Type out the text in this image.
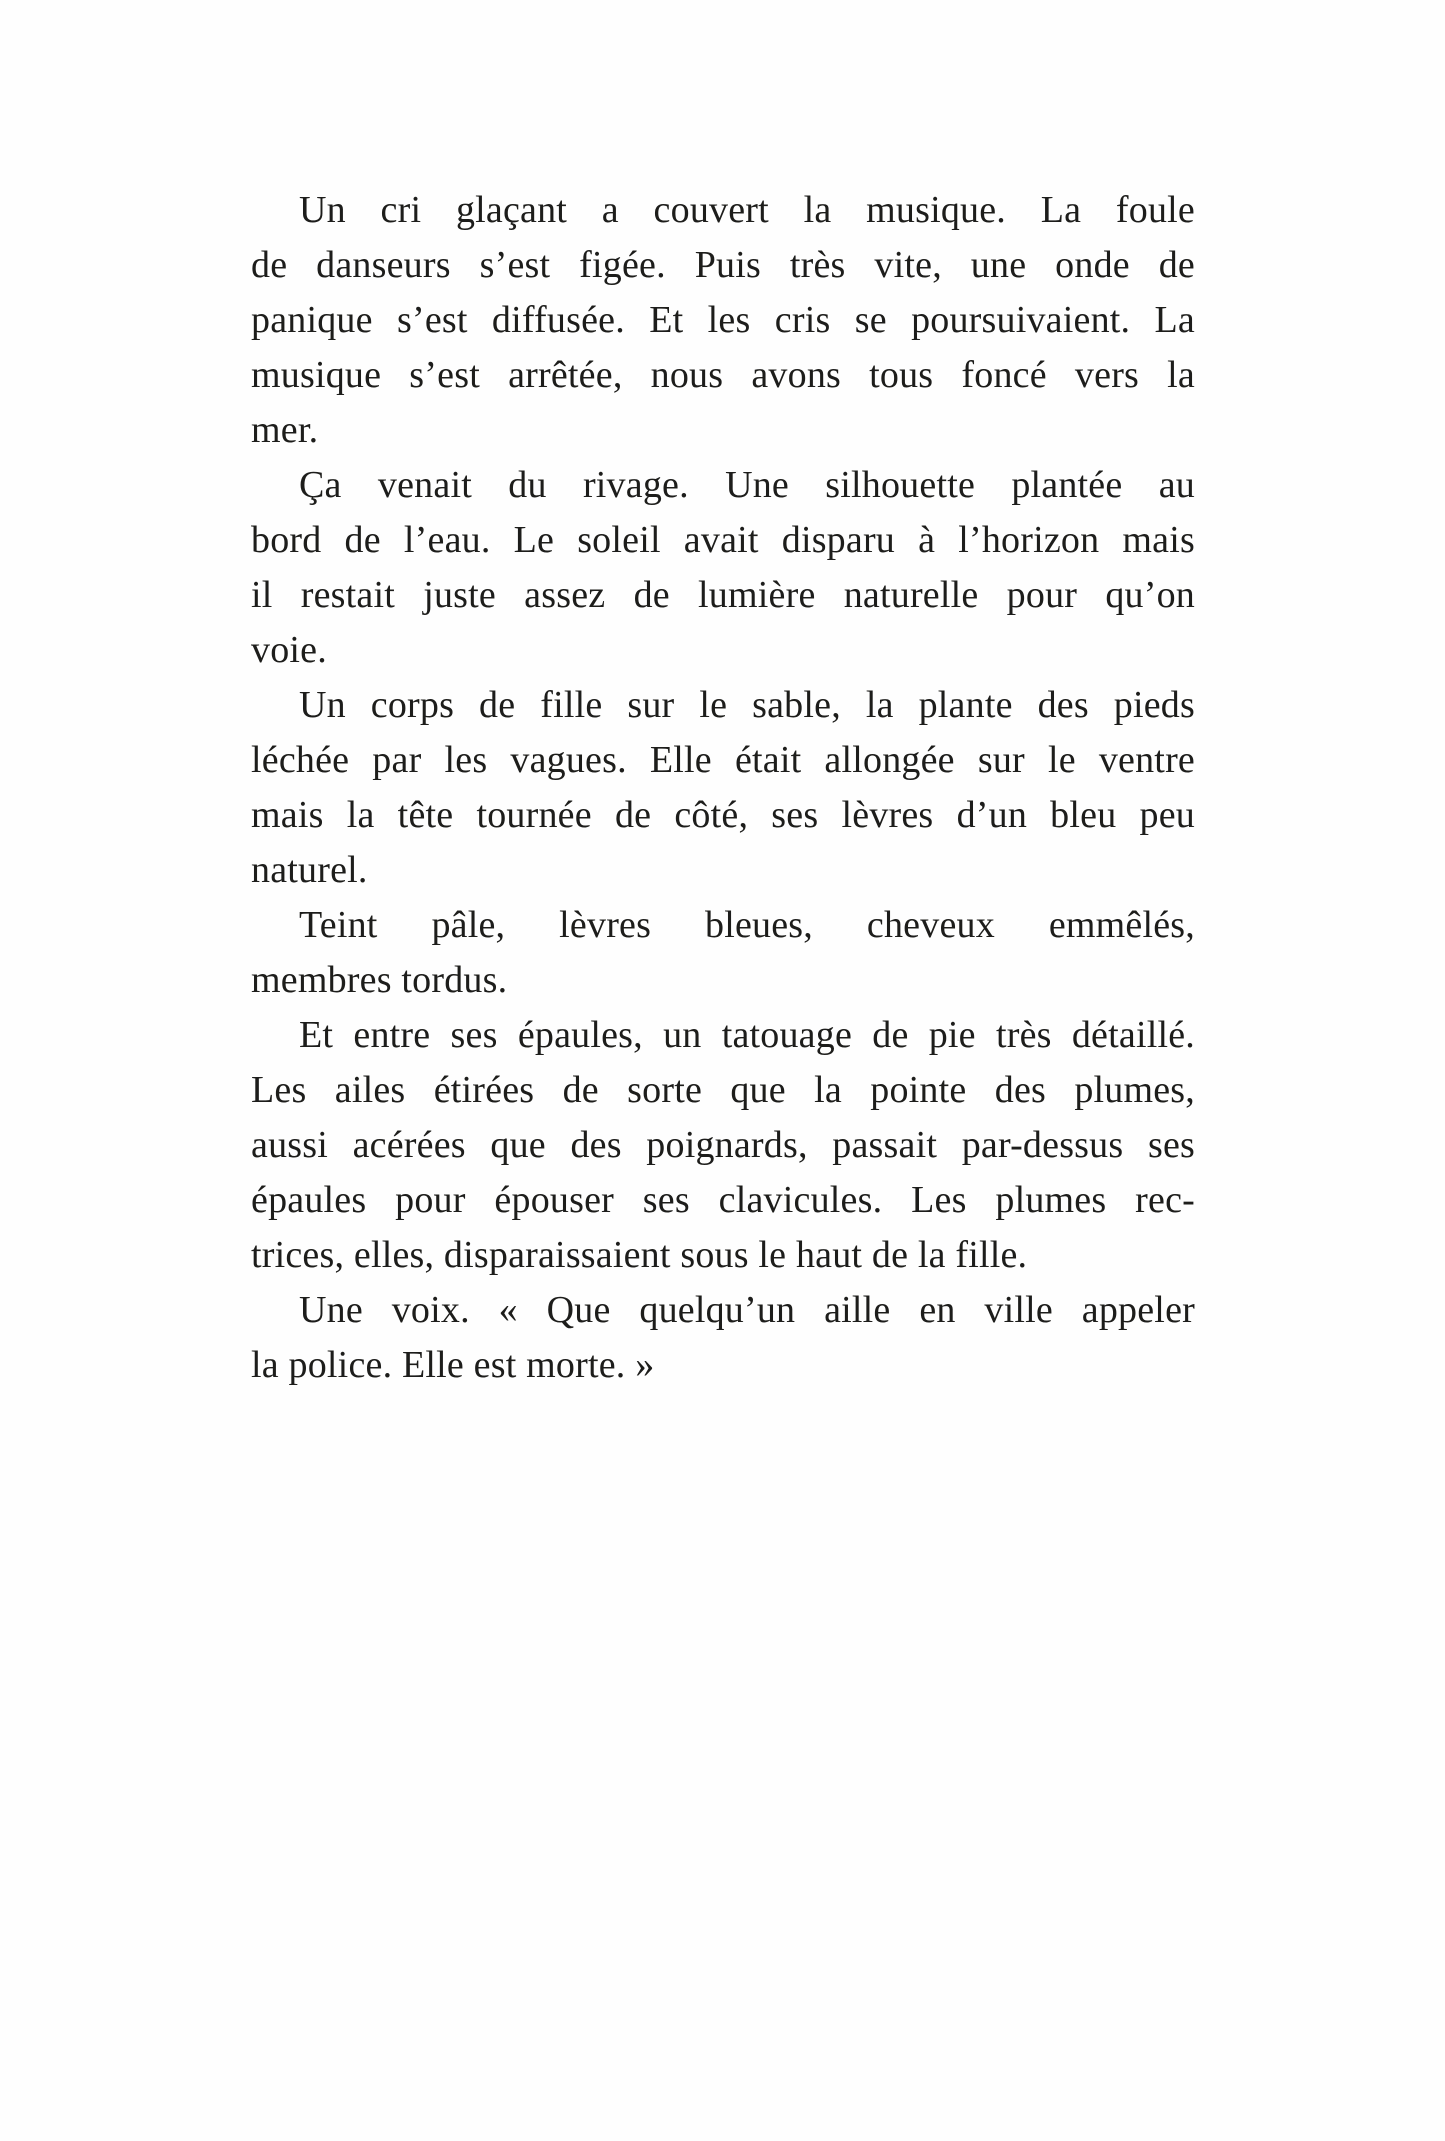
Un cri glaçant a couvert la musique. La foule
de danseurs s’est figée. Puis très vite, une onde de
panique s’est diffusée. Et les cris se poursuivaient. La
musique s’est arrêtée, nous avons tous foncé vers la
mer.

Ça venait du rivage. Une silhouette plantée au
bord de l’eau. Le soleil avait disparu à l’horizon mais
il restait juste assez de lumière naturelle pour qu’on
voie.

Un corps de fille sur le sable, la plante des pieds
léchée par les vagues. Elle était allongée sur le ventre
mais la tête tournée de côté, ses lèvres d’un bleu peu
naturel.

Teint pâle, lèvres bleues, cheveux emmêlés,
membres tordus.

Et entre ses épaules, un tatouage de pie très détaillé.
Les ailes étirées de sorte que la pointe des plumes,
aussi acérées que des poignards, passait par-dessus ses
épaules pour épouser ses clavicules. Les plumes rec-
trices, elles, disparaissaient sous le haut de la fille.

Une voix. « Que quelqu’un aille en ville appeler
la police. Elle est morte. »
